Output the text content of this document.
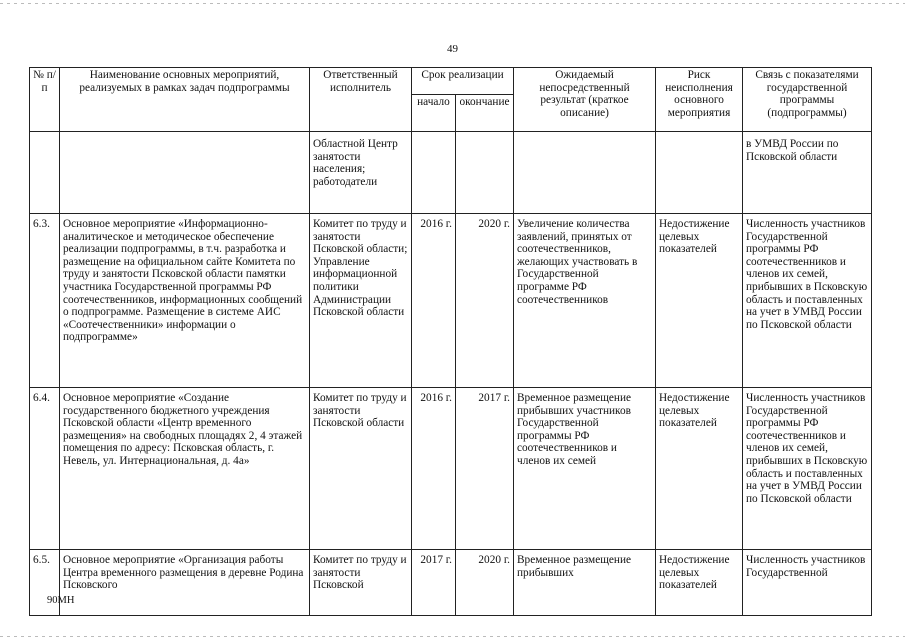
49
№ п/п	Наименование основных мероприятий, реализуемых в рамках задач подпрограммы	Ответственный исполнитель	Срок реализации		Ожидаемый непосредственный результат (краткое описание)	Риск неисполнения основного мероприятия	Связь с показателями государственной программы (подпрограммы)
			начало	окончание			
		Областной Центр занятости населения; работодатели					в УМВД России по Псковской области
6.3.	Основное мероприятие «Информационно-аналитическое и методическое обеспечение реализации подпрограммы, в т.ч. разработка и размещение на официальном сайте Комитета по труду и занятости Псковской области памятки участника Государственной программы РФ соотечественников, информационных сообщений о подпрограмме. Размещение в системе АИС «Соотечественники» информации о подпрограмме»	Комитет по труду и занятости Псковской области; Управление информационной политики Администрации Псковской области	2016 г.	2020 г.	Увеличение количества заявлений, принятых от соотечественников, желающих участвовать в Государственной программе РФ соотечественников	Недостижение целевых показателей	Численность участников Государственной программы РФ соотечественников и членов их семей, прибывших в Псковскую область и поставленных на учет в УМВД России по Псковской области
6.4.	Основное мероприятие «Создание государственного бюджетного учреждения Псковской области «Центр временного размещения» на свободных площадях 2, 4 этажей помещения по адресу: Псковская область, г. Невель, ул. Интернациональная, д. 4а»	Комитет по труду и занятости Псковской области	2016 г.	2017 г.	Временное размещение прибывших участников Государственной программы РФ соотечественников и членов их семей	Недостижение целевых показателей	Численность участников Государственной программы РФ соотечественников и членов их семей, прибывших в Псковскую область и поставленных на учет в УМВД России по Псковской области
6.5.	Основное мероприятие «Организация работы Центра временного размещения в деревне Родина Псковского	Комитет по труду и занятости Псковской	2017 г.	2020 г.	Временное размещение прибывших	Недостижение целевых показателей	Численность участников Государственной
90МН
